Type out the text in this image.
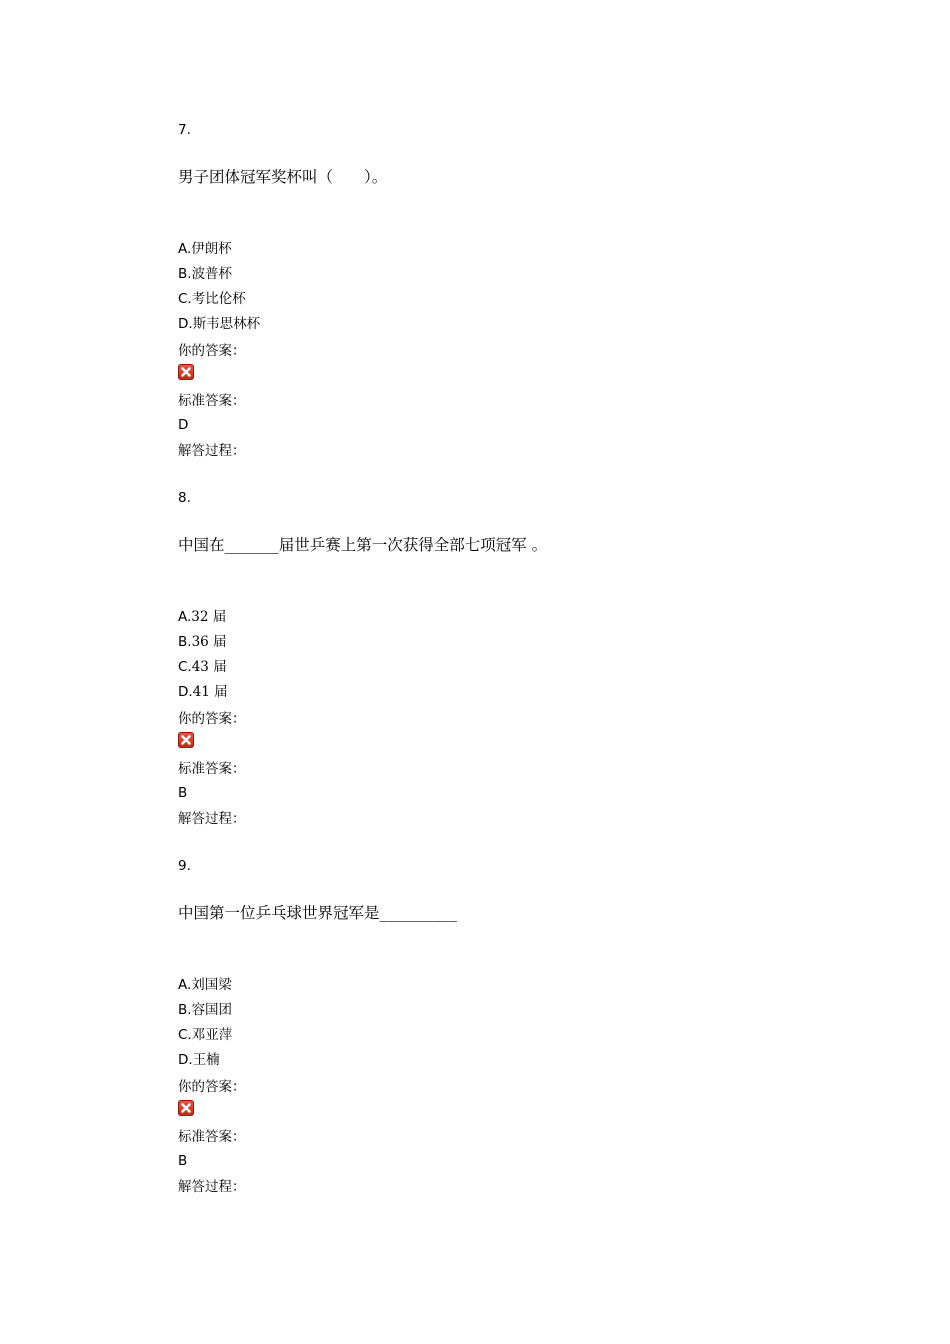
7.
男子团体冠军奖杯叫（　　）。
A.伊朗杯
B.波普杯
C.考比伦杯
D.斯韦思林杯
你的答案：
标准答案：
D
解答过程：
8.
中国在_______届世乒赛上第一次获得全部七项冠军 。
A.32 届
B.36 届
C.43 届
D.41 届
你的答案：
标准答案：
B
解答过程：
9.
中国第一位乒乓球世界冠军是__________
A.刘国梁
B.容国团
C.邓亚萍
D.王楠
你的答案：
标准答案：
B
解答过程：
